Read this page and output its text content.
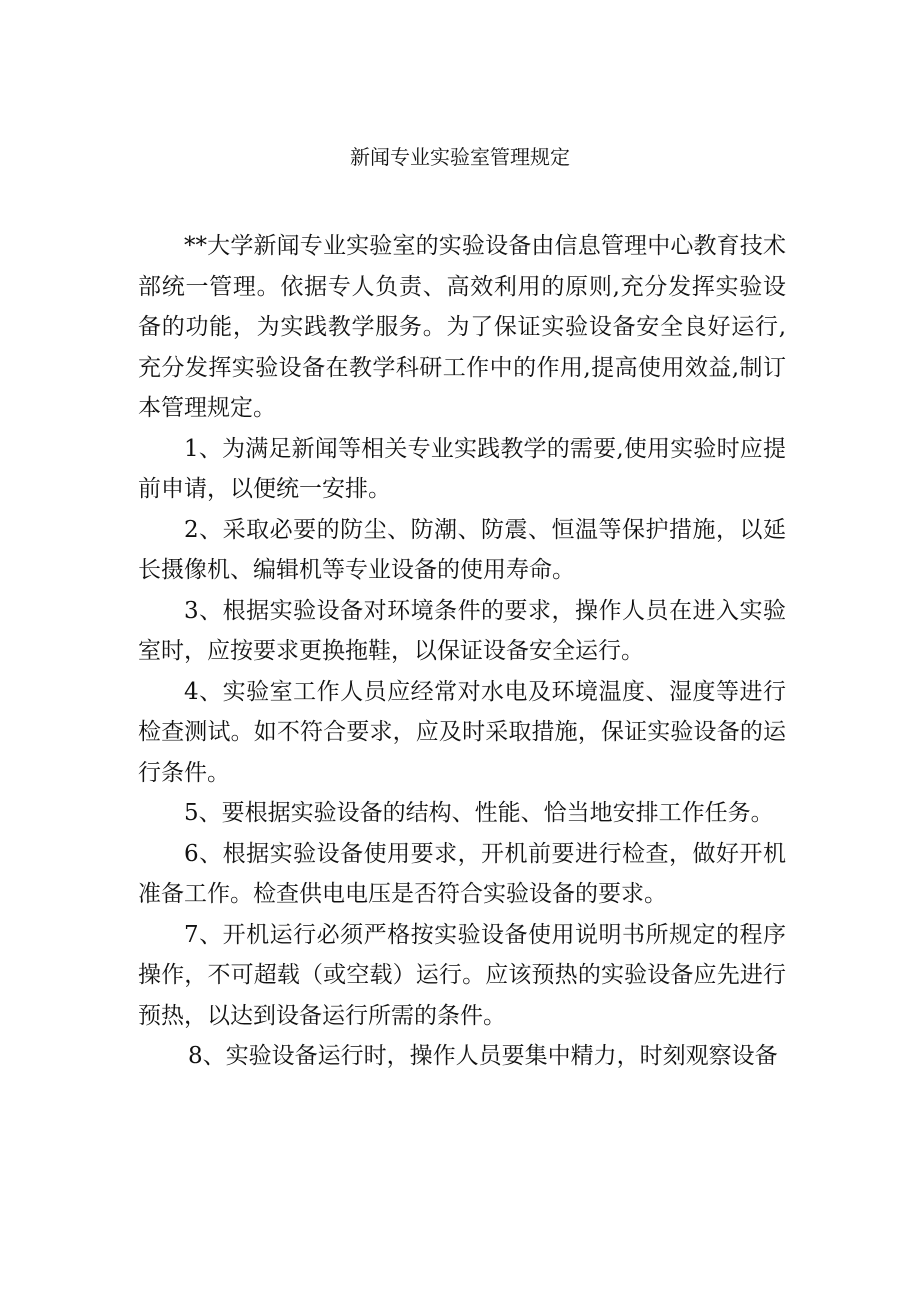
新闻专业实验室管理规定

**大学新闻专业实验室的实验设备由信息管理中心教育技术部统一管理。依据专人负责、高效利用的原则,充分发挥实验设备的功能，为实践教学服务。为了保证实验设备安全良好运行,充分发挥实验设备在教学科研工作中的作用,提高使用效益,制订本管理规定。

1、为满足新闻等相关专业实践教学的需要,使用实验时应提前申请，以便统一安排。

2、采取必要的防尘、防潮、防震、恒温等保护措施，以延长摄像机、编辑机等专业设备的使用寿命。

3、根据实验设备对环境条件的要求，操作人员在进入实验室时，应按要求更换拖鞋，以保证设备安全运行。

4、实验室工作人员应经常对水电及环境温度、湿度等进行检查测试。如不符合要求，应及时采取措施，保证实验设备的运行条件。

5、要根据实验设备的结构、性能、恰当地安排工作任务。

6、根据实验设备使用要求，开机前要进行检查，做好开机准备工作。检查供电电压是否符合实验设备的要求。

7、开机运行必须严格按实验设备使用说明书所规定的程序操作，不可超载（或空载）运行。应该预热的实验设备应先进行预热，以达到设备运行所需的条件。

8、实验设备运行时，操作人员要集中精力，时刻观察设备
